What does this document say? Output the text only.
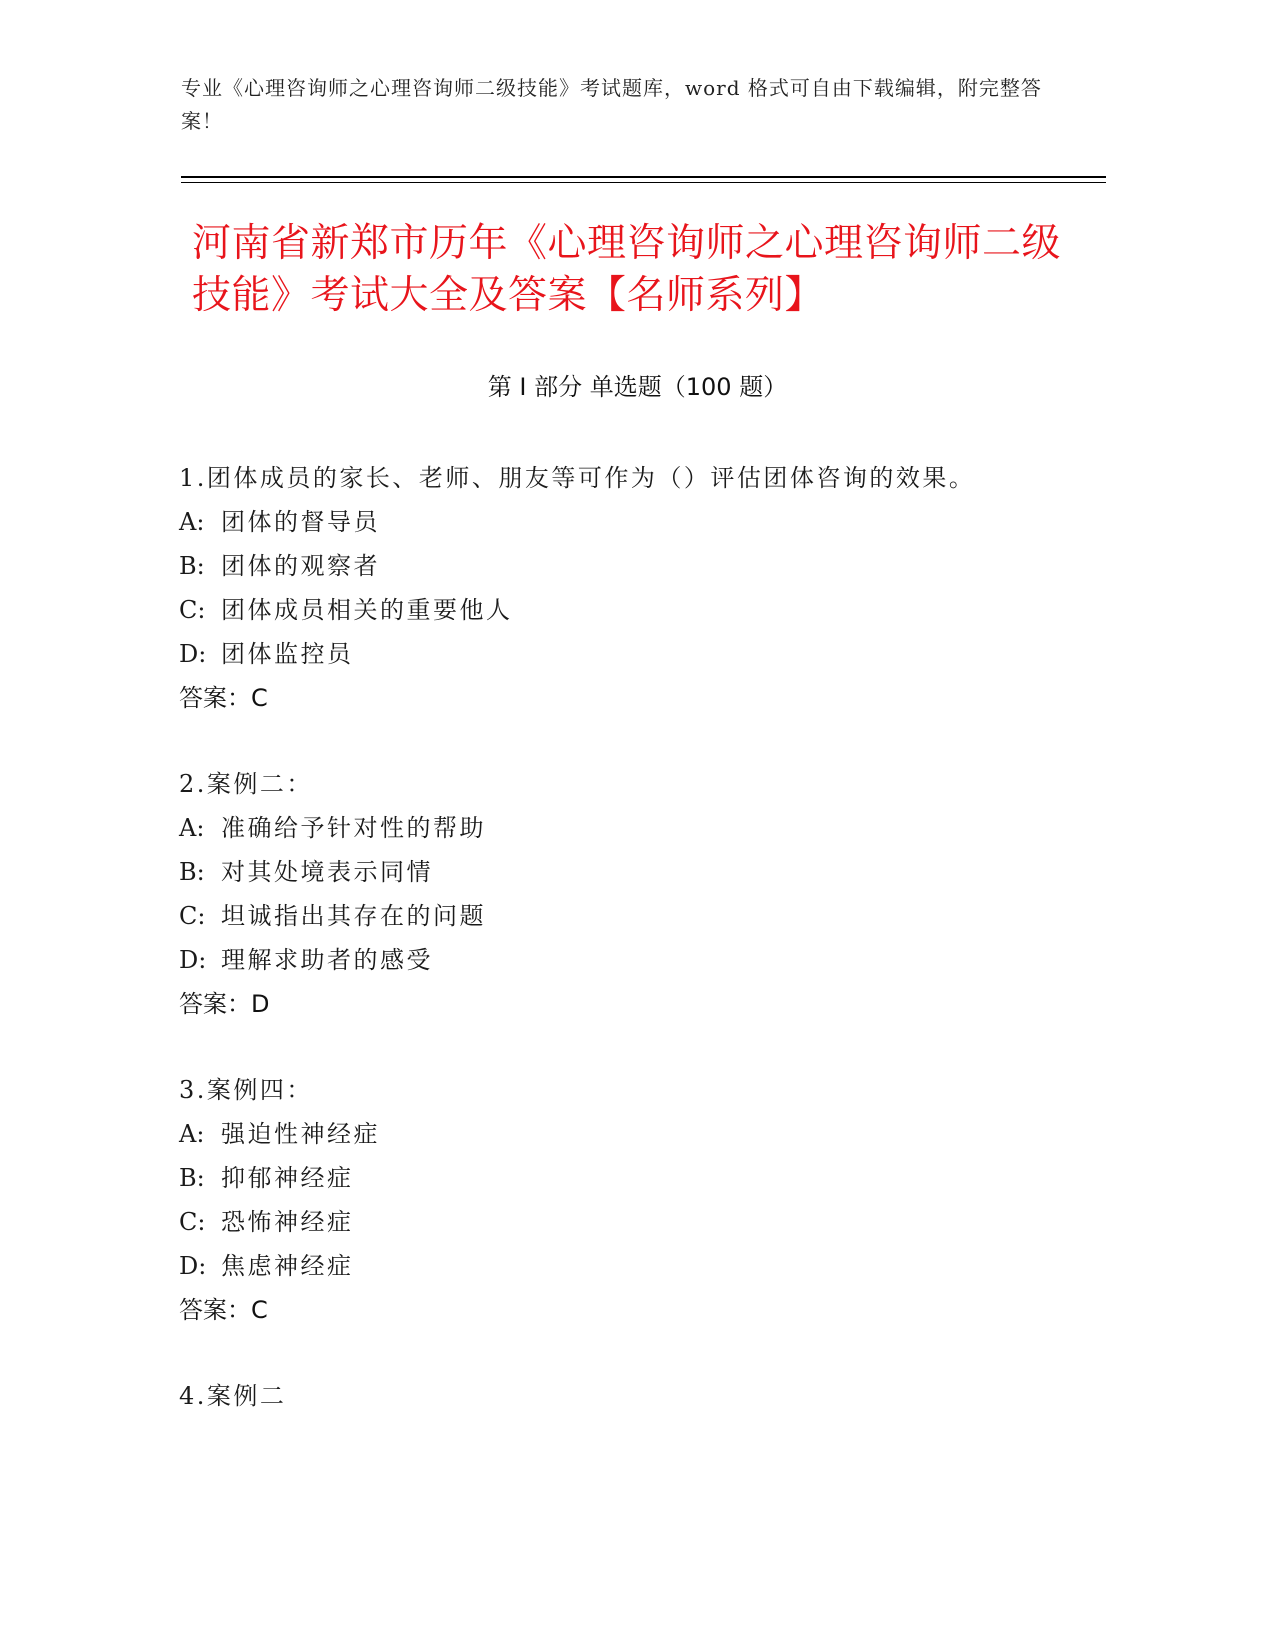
专业《心理咨询师之心理咨询师二级技能》考试题库，word 格式可自由下载编辑，附完整答案！
河南省新郑市历年《心理咨询师之心理咨询师二级技能》考试大全及答案【名师系列】
第 I 部分 单选题（100 题）
1.团体成员的家长、老师、朋友等可作为（）评估团体咨询的效果。
A: 团体的督导员
B: 团体的观察者
C: 团体成员相关的重要他人
D: 团体监控员
答案：C
2.案例二：
A: 准确给予针对性的帮助
B: 对其处境表示同情
C: 坦诚指出其存在的问题
D: 理解求助者的感受
答案：D
3.案例四：
A: 强迫性神经症
B: 抑郁神经症
C: 恐怖神经症
D: 焦虑神经症
答案：C
4.案例二
